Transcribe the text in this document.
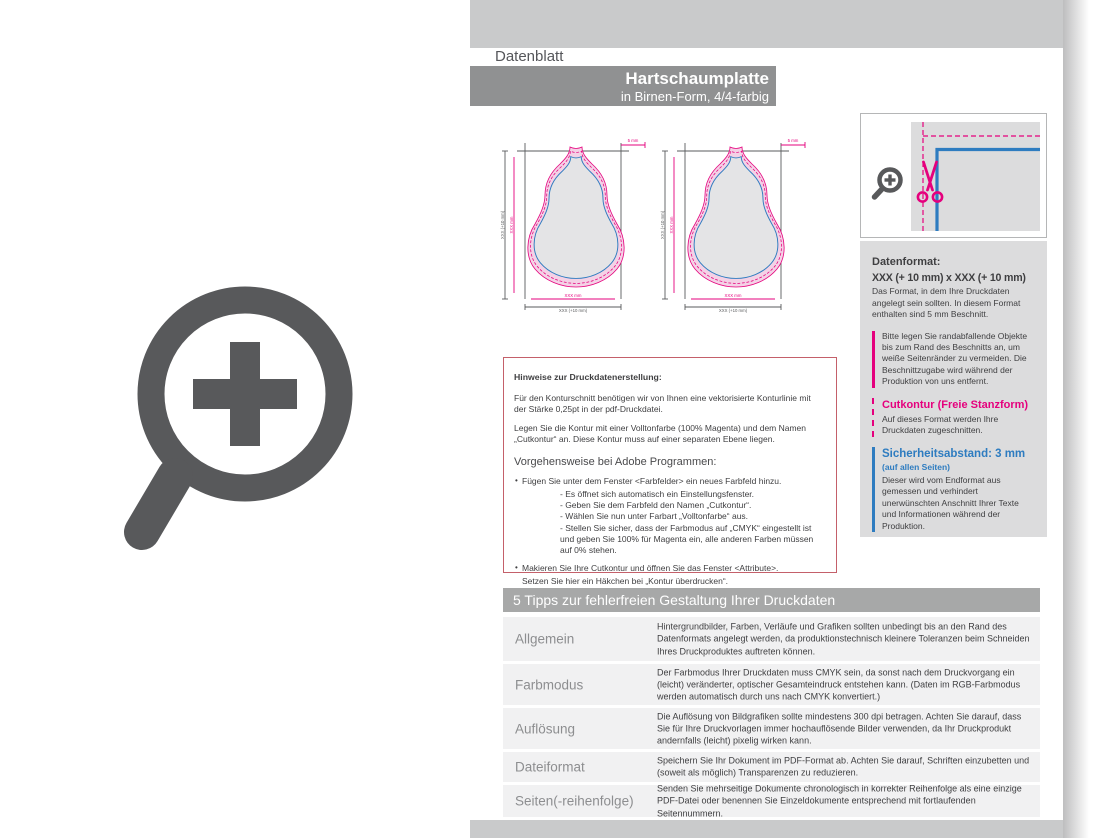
Datenblatt
Hartschaumplatte
in Birnen-Form, 4/4-farbig
5 mm
XXX (+10 mm) XXX mm
XXX mm
XXX (+10 mm)
5 mm
XXX (+10 mm) XXX mm
XXX mm
XXX (+10 mm)

Datenformat:

XXX (+ 10 mm) x XXX (+ 10 mm)

Das Format, in dem Ihre Druckdaten angelegt sein sollten. In diesem Format enthalten sind 5 mm Beschnitt.
Bitte legen Sie randabfallende Objekte bis zum Rand des Beschnitts an, um weiße Seitenränder zu vermeiden. Die Beschnittzugabe wird während der Produktion von uns entfernt.

Cutkontur (Freie Stanzform)

Auf dieses Format werden Ihre Druckdaten zugeschnitten.

Sicherheitsabstand: 3 mm

(auf allen Seiten)

Dieser wird vom Endformat aus gemessen und verhindert unerwünschten Anschnitt Ihrer Texte und Informationen während der Produktion.
Hinweise zur Druckdatenerstellung:

Für den Konturschnitt benötigen wir von Ihnen eine vektorisierte Konturlinie mit der Stärke 0,25pt in der pdf-Druckdatei.

Legen Sie die Kontur mit einer Volltonfarbe (100% Magenta) und dem Namen „Cutkontur“ an. Diese Kontur muss auf einer separaten Ebene liegen.

Vorgehensweise bei Adobe Programmen:
• Fügen Sie unter dem Fenster <Farbfelder> ein neues Farbfeld hinzu.
- Es öffnet sich automatisch ein Einstellungsfenster.
- Geben Sie dem Farbfeld den Namen „Cutkontur“.
- Wählen Sie nun unter Farbart „Volltonfarbe“ aus.
- Stellen Sie sicher, dass der Farbmodus auf „CMYK“ eingestellt ist und geben Sie 100% für Magenta ein, alle anderen Farben müssen auf 0% stehen.
• Makieren Sie Ihre Cutkontur und öffnen Sie das Fenster <Attribute>.
Setzen Sie hier ein Häkchen bei „Kontur überdrucken“.
5 Tipps zur fehlerfreien Gestaltung Ihrer Druckdaten
Allgemein
Hintergrundbilder, Farben, Verläufe und Grafiken sollten unbedingt bis an den Rand des Datenformats angelegt werden, da produktionstechnisch kleinere Toleranzen beim Schneiden Ihres Druckproduktes auftreten können.
Farbmodus
Der Farbmodus Ihrer Druckdaten muss CMYK sein, da sonst nach dem Druckvorgang ein (leicht) veränderter, optischer Gesamteindruck entstehen kann. (Daten im RGB-Farbmodus werden automatisch durch uns nach CMYK konvertiert.)
Auflösung
Die Auflösung von Bildgrafiken sollte mindestens 300 dpi betragen. Achten Sie darauf, dass Sie für Ihre Druckvorlagen immer hochauflösende Bilder verwenden, da Ihr Druckprodukt andernfalls (leicht) pixelig wirken kann.
Dateiformat	Speichern Sie Ihr Dokument im PDF-Format ab. Achten Sie darauf, Schriften einzubetten und (soweit als möglich) Transparenzen zu reduzieren.
Seiten(-reihenfolge)
Senden Sie mehrseitige Dokumente chronologisch in korrekter Reihenfolge als eine einzige PDF-Datei oder benennen Sie Einzeldokumente entsprechend mit fortlaufenden Seitennummern.
